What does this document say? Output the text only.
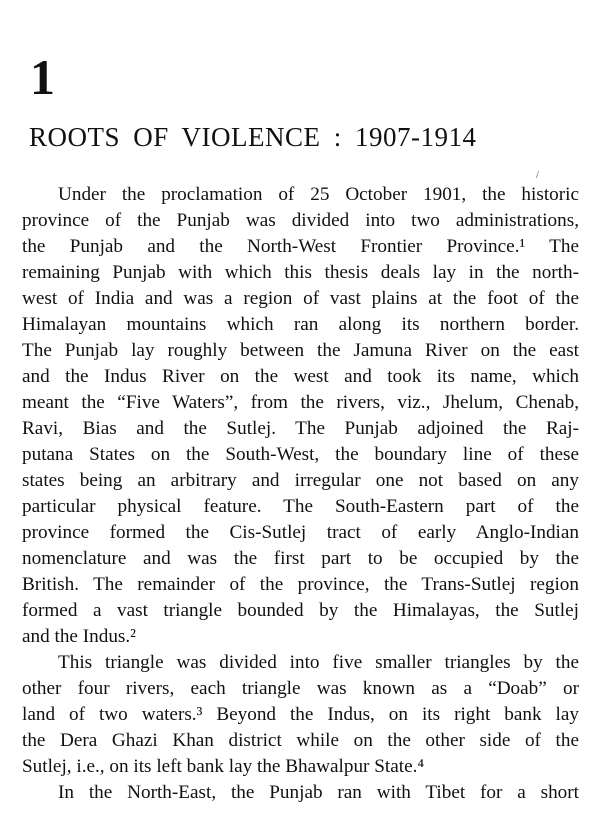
1
ROOTS OF VIOLENCE : 1907-1914
/
Under the proclamation of 25 October 1901, the historic
province of the Punjab was divided into two administrations,
the Punjab and the North-West Frontier Province.¹ The
remaining Punjab with which this thesis deals lay in the north-
west of India and was a region of vast plains at the foot of the
Himalayan mountains which ran along its northern border.
The Punjab lay roughly between the Jamuna River on the east
and the Indus River on the west and took its name, which
meant the “Five Waters”, from the rivers, viz., Jhelum, Chenab,
Ravi, Bias and the Sutlej. The Punjab adjoined the Raj-
putana States on the South-West, the boundary line of these
states being an arbitrary and irregular one not based on any
particular physical feature. The South-Eastern part of the
province formed the Cis-Sutlej tract of early Anglo-Indian
nomenclature and was the first part to be occupied by the
British. The remainder of the province, the Trans-Sutlej region
formed a vast triangle bounded by the Himalayas, the Sutlej
and the Indus.²
This triangle was divided into five smaller triangles by the
other four rivers, each triangle was known as a “Doab” or
land of two waters.³ Beyond the Indus, on its right bank lay
the Dera Ghazi Khan district while on the other side of the
Sutlej, i.e., on its left bank lay the Bhawalpur State.⁴
In the North-East, the Punjab ran with Tibet for a short
